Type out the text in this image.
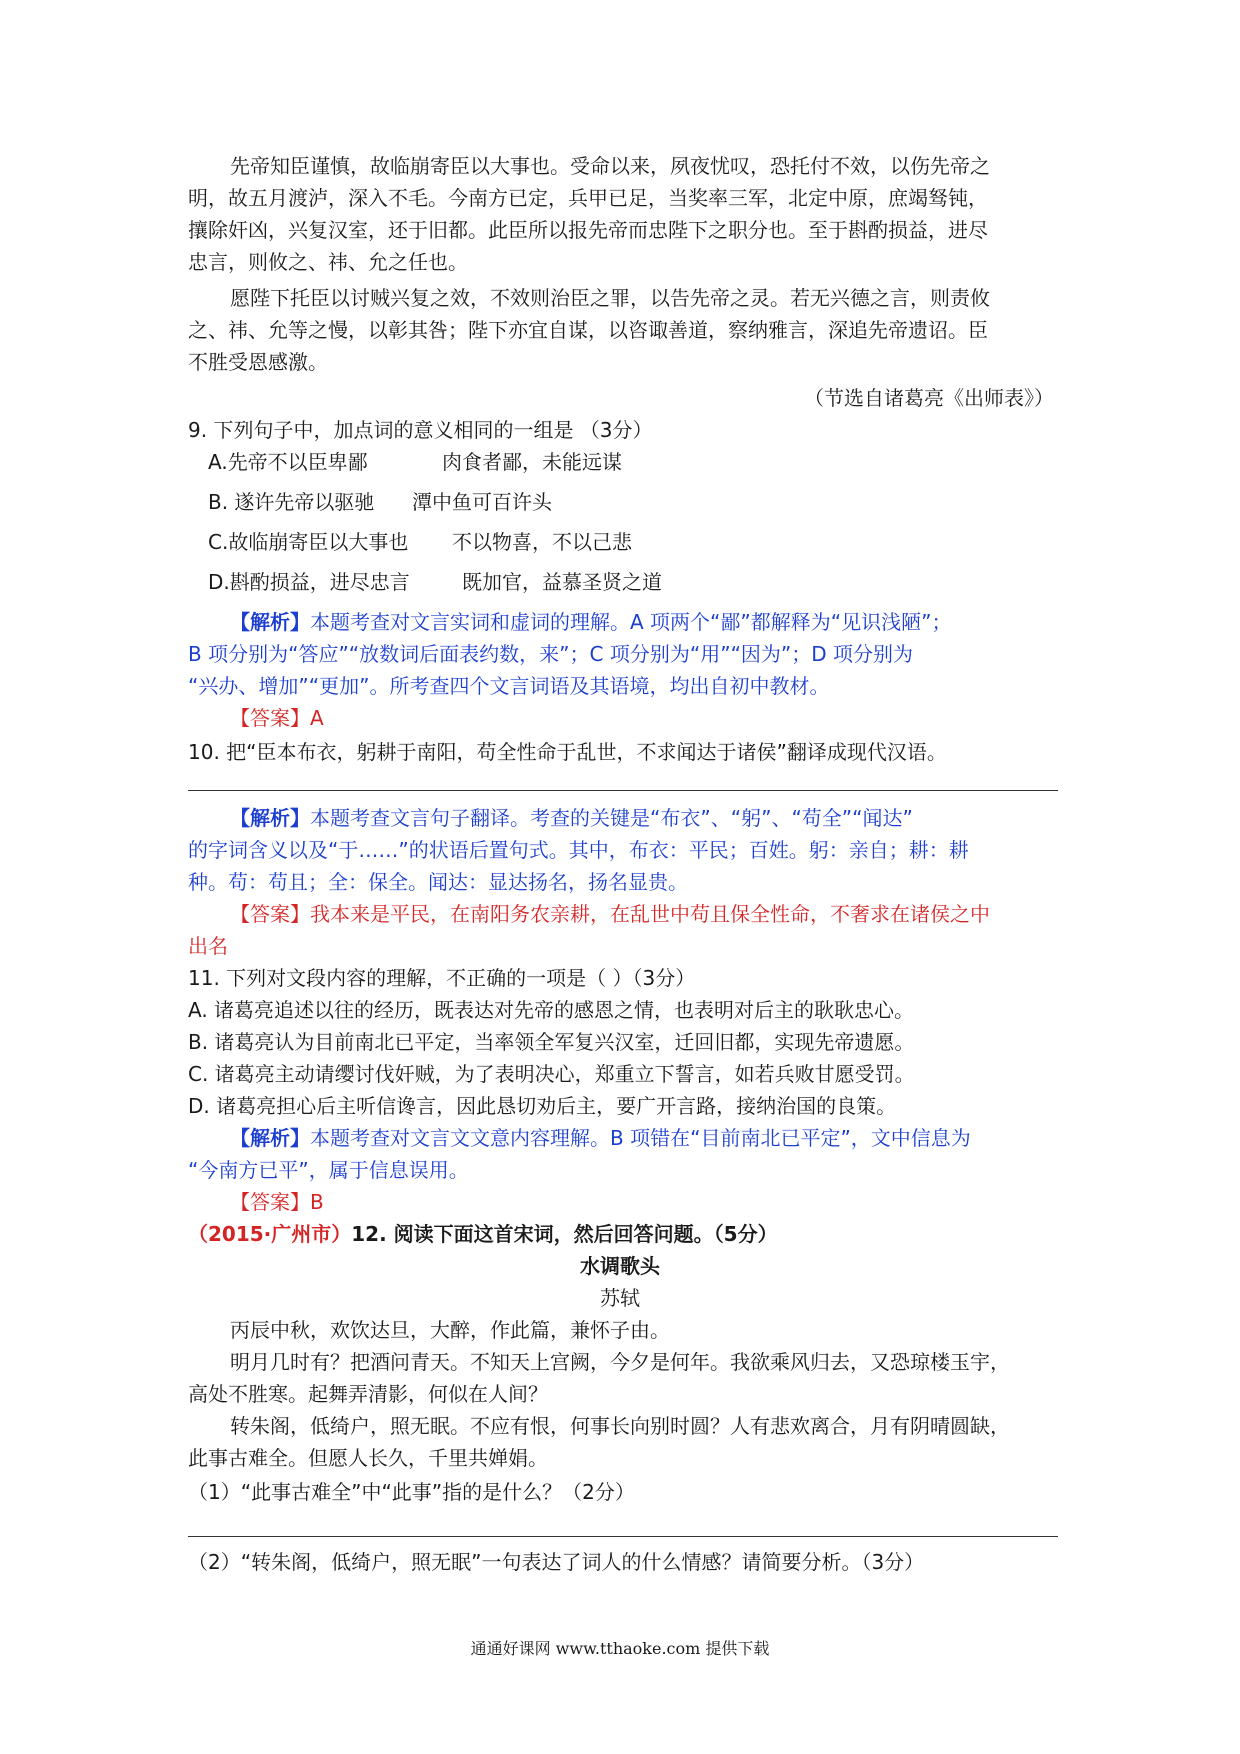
先帝知臣谨慎，故临崩寄臣以大事也。受命以来，夙夜忧叹，恐托付不效，以伤先帝之
明，故五月渡泸，深入不毛。今南方已定，兵甲已足，当奖率三军，北定中原，庶竭驽钝，
攘除奸凶，兴复汉室，还于旧都。此臣所以报先帝而忠陛下之职分也。至于斟酌损益，进尽
忠言，则攸之、祎、允之任也。
愿陛下托臣以讨贼兴复之效，不效则治臣之罪，以告先帝之灵。若无兴德之言，则责攸
之、祎、允等之慢，以彰其咎；陛下亦宜自谋，以咨诹善道，察纳雅言，深追先帝遗诏。臣
不胜受恩感激。
（节选自诸葛亮《出师表》）
9. 下列句子中，加点词的意义相同的一组是 （3分）
A.先帝不以臣卑鄙	肉食者鄙，未能远谋
B. 遂许先帝以驱驰 潭中鱼可百许头
C.故临崩寄臣以大事也 不以物喜，不以己悲
D.斟酌损益，进尽忠言	既加官，益慕圣贤之道
【解析】本题考查对文言实词和虚词的理解。A 项两个“鄙”都解释为“见识浅陋”；
B 项分别为“答应”“放数词后面表约数，来”；C 项分别为“用”“因为”；D 项分别为
“兴办、增加”“更加”。所考查四个文言词语及其语境，均出自初中教材。
【答案】A
10. 把“臣本布衣，躬耕于南阳，苟全性命于乱世，不求闻达于诸侯”翻译成现代汉语。
【解析】本题考查文言句子翻译。考查的关键是“布衣”、“躬”、“苟全”“闻达”
的字词含义以及“于……”的状语后置句式。其中，布衣：平民；百姓。躬：亲自；耕：耕
种。苟：苟且；全：保全。闻达：显达扬名，扬名显贵。
【答案】我本来是平民，在南阳务农亲耕，在乱世中苟且保全性命，不奢求在诸侯之中
出名
11. 下列对文段内容的理解，不正确的一项是（ ）（3分）
A. 诸葛亮追述以往的经历，既表达对先帝的感恩之情，也表明对后主的耿耿忠心。
B. 诸葛亮认为目前南北已平定，当率领全军复兴汉室，迁回旧都，实现先帝遗愿。
C. 诸葛亮主动请缨讨伐奸贼，为了表明决心，郑重立下誓言，如若兵败甘愿受罚。
D. 诸葛亮担心后主听信谗言，因此恳切劝后主，要广开言路，接纳治国的良策。
【解析】本题考查对文言文文意内容理解。B 项错在“目前南北已平定”，文中信息为
“今南方已平”，属于信息误用。
【答案】B
（2015·广州市）12. 阅读下面这首宋词，然后回答问题。（5分）
水调歌头
苏轼
丙辰中秋，欢饮达旦，大醉，作此篇，兼怀子由。
明月几时有？把酒问青天。不知天上宫阙，今夕是何年。我欲乘风归去，又恐琼楼玉宇，
高处不胜寒。起舞弄清影，何似在人间？
转朱阁，低绮户，照无眠。不应有恨，何事长向别时圆？人有悲欢离合，月有阴晴圆缺，
此事古难全。但愿人长久，千里共婵娟。
（1）“此事古难全”中“此事”指的是什么？（2分）
（2）“转朱阁，低绮户，照无眠”一句表达了词人的什么情感？请简要分析。（3分）
通通好课网 www.tthaoke.com 提供下载
